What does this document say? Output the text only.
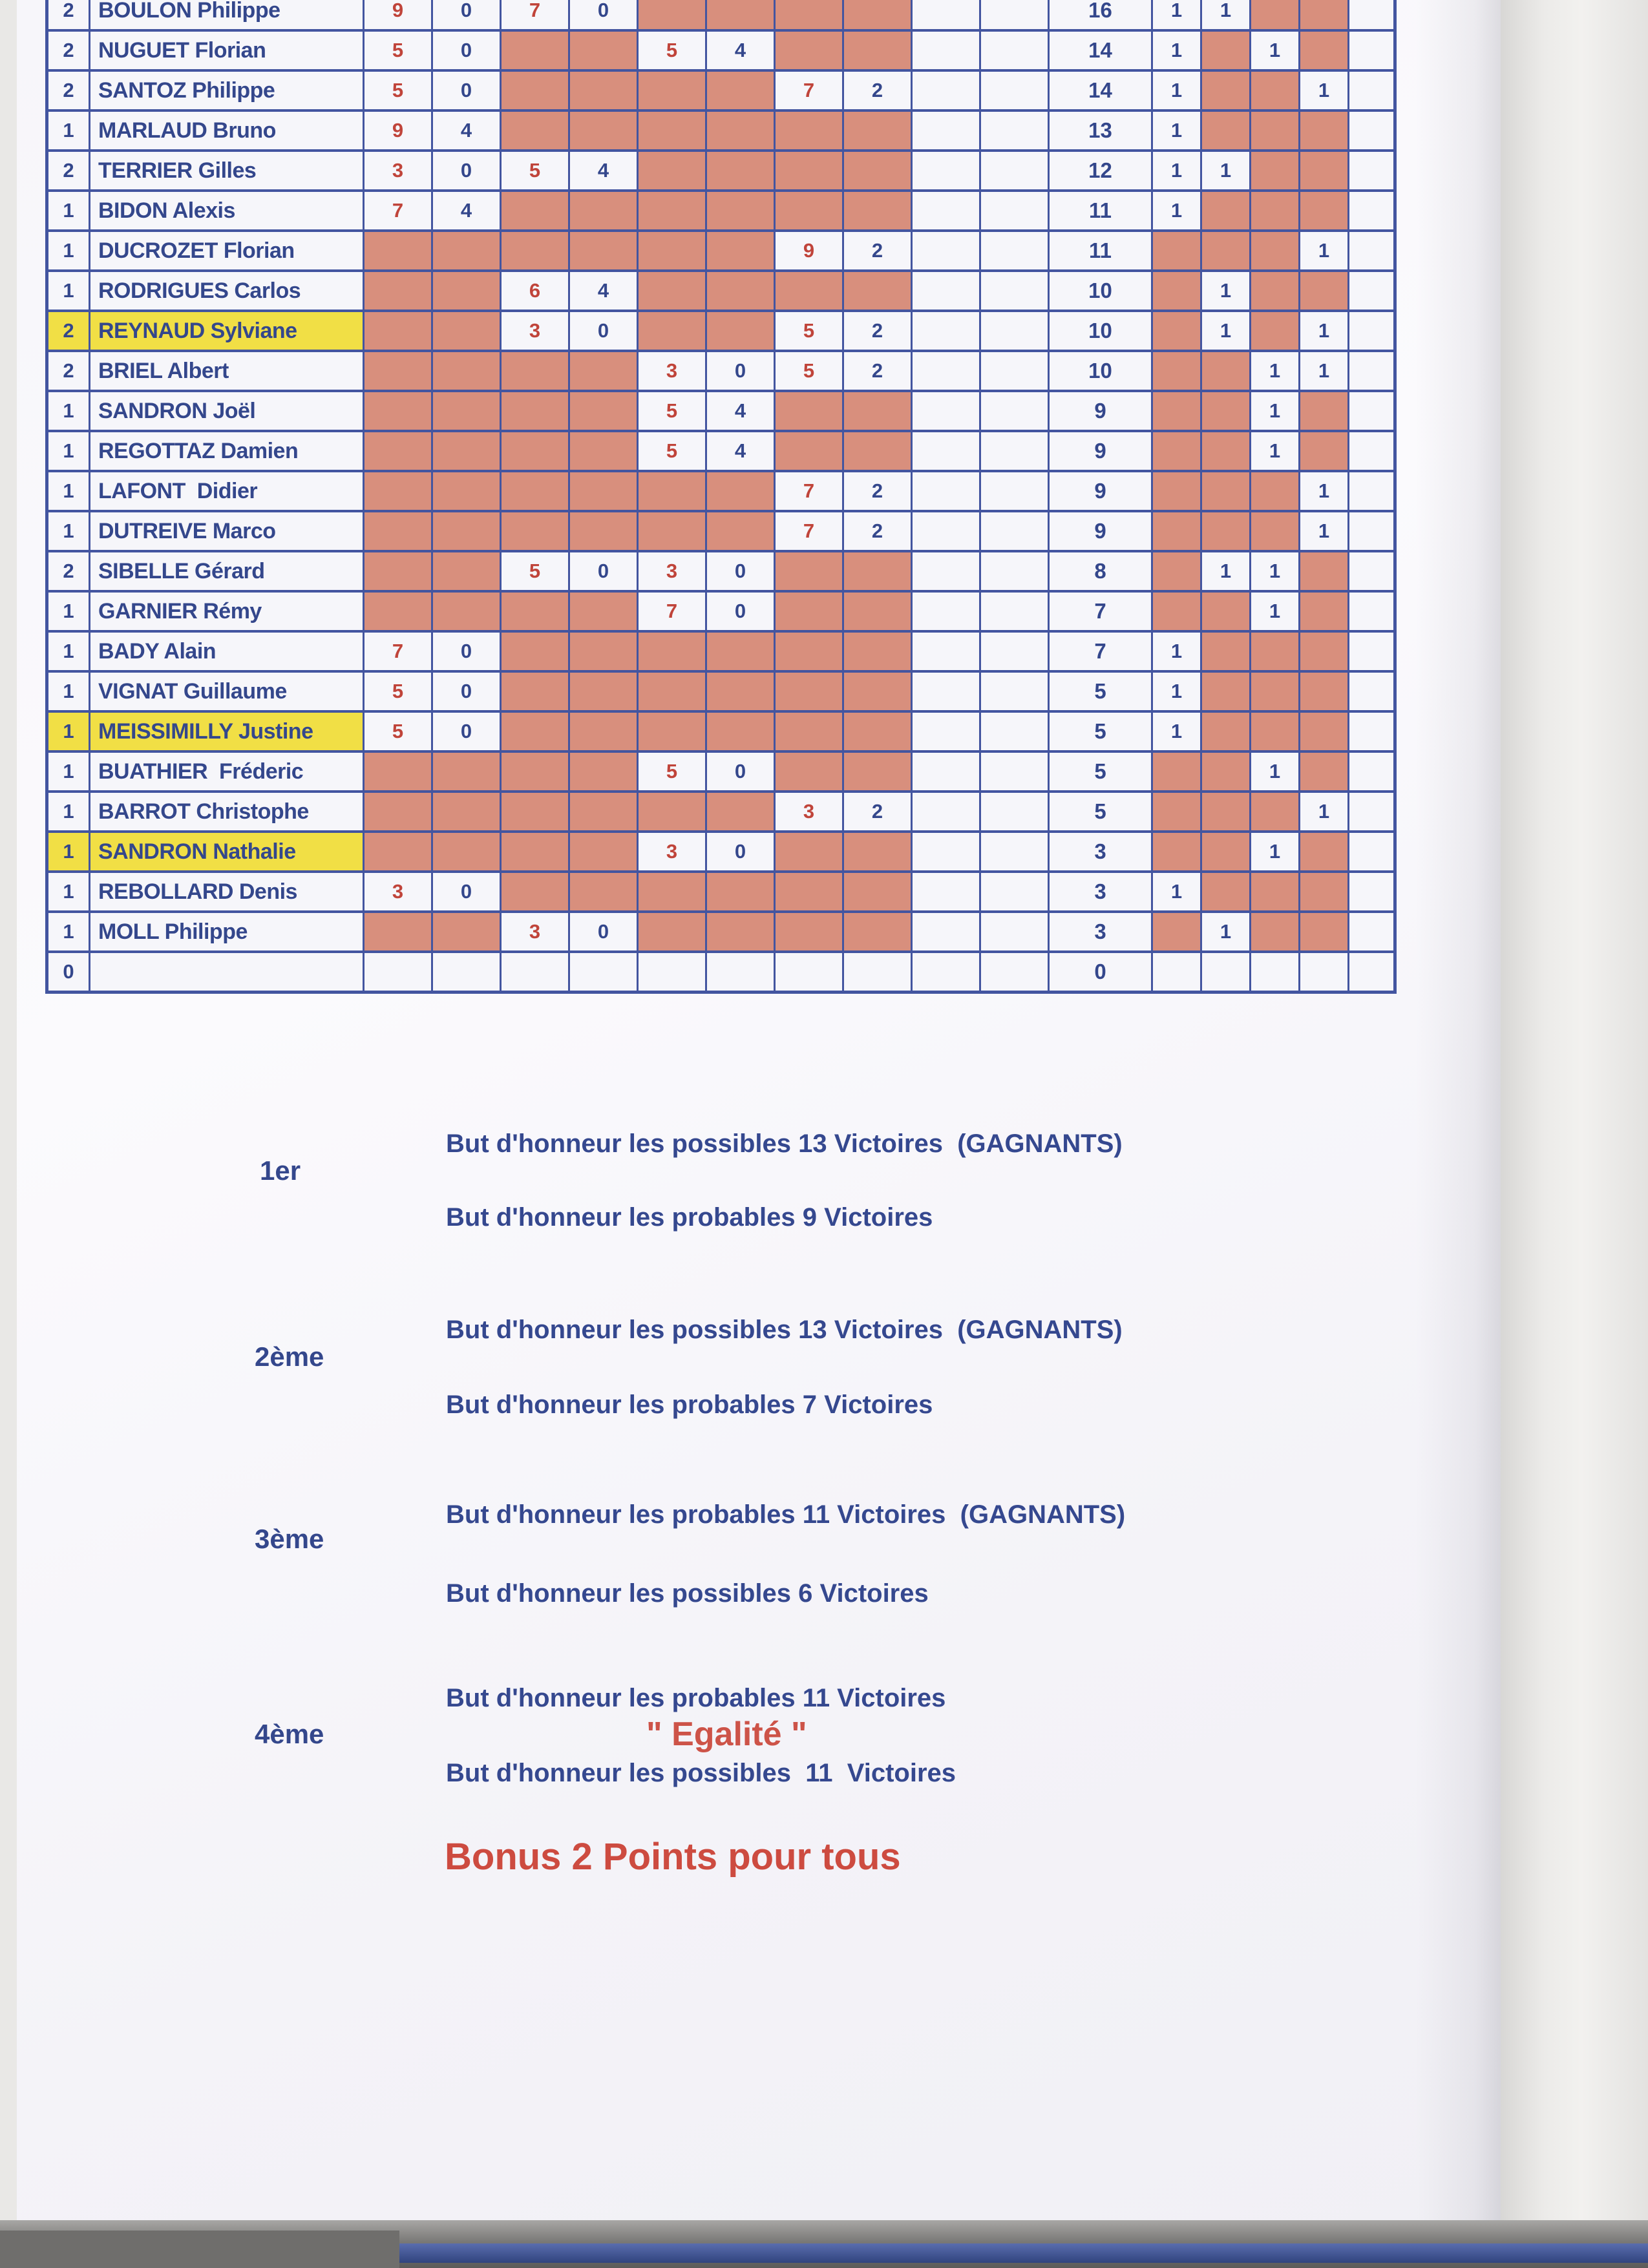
2	BOULON Philippe	9	0	7	0							16	1	1			
2	NUGUET Florian	5	0			5	4					14	1		1		
2	SANTOZ Philippe	5	0					7	2			14	1			1	
1	MARLAUD Bruno	9	4									13	1				
2	TERRIER Gilles	3	0	5	4							12	1	1			
1	BIDON Alexis	7	4									11	1				
1	DUCROZET Florian							9	2			11				1	
1	RODRIGUES Carlos			6	4							10		1			
2	REYNAUD Sylviane			3	0			5	2			10		1		1	
2	BRIEL Albert					3	0	5	2			10			1	1	
1	SANDRON Joël					5	4					9			1		
1	REGOTTAZ Damien					5	4					9			1		
1	LAFONT  Didier							7	2			9				1	
1	DUTREIVE Marco							7	2			9				1	
2	SIBELLE Gérard			5	0	3	0					8		1	1		
1	GARNIER Rémy					7	0					7			1		
1	BADY Alain	7	0									7	1				
1	VIGNAT Guillaume	5	0									5	1				
1	MEISSIMILLY Justine	5	0									5	1				
1	BUATHIER  Fréderic					5	0					5			1		
1	BARROT Christophe							3	2			5				1	
1	SANDRON Nathalie					3	0					3			1		
1	REBOLLARD Denis	3	0									3	1				
1	MOLL Philippe			3	0							3		1			
0												0					
1er
But d'honneur les possibles 13 Victoires  (GAGNANTS)
But d'honneur les probables 9 Victoires
2ème
But d'honneur les possibles 13 Victoires  (GAGNANTS)
But d'honneur les probables 7 Victoires
3ème
But d'honneur les probables 11 Victoires  (GAGNANTS)
But d'honneur les possibles 6 Victoires
4ème
But d'honneur les probables 11 Victoires
" Egalité "
But d'honneur les possibles  11  Victoires
Bonus 2 Points pour tous
